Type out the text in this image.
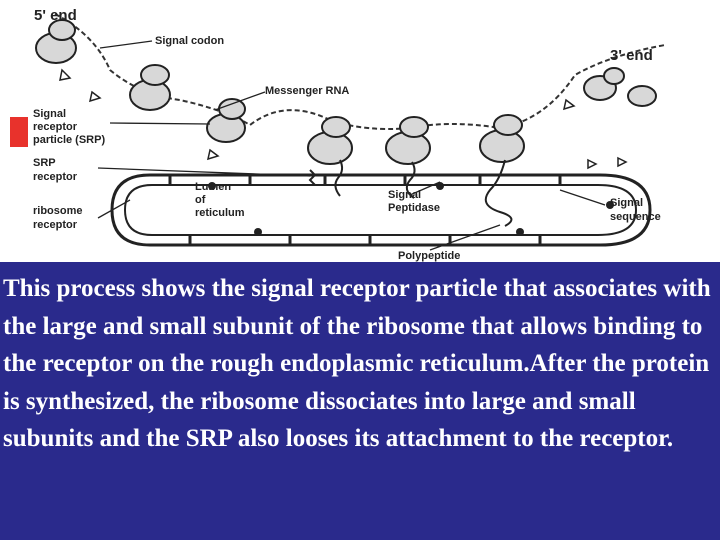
5' end
3' end
Signal codon
Messenger RNA
Signal
receptor
particle (SRP)
SRP
receptor
ribosome
receptor
Lumen
of
reticulum
Signal
Peptidase	Signal
sequence
Polypeptide

This process shows the signal receptor particle that associates with the large and small subunit of the ribosome that allows binding to the receptor on the rough endoplasmic reticulum.After the protein is synthesized, the ribosome dissociates into large and small subunits and the SRP also looses its attachment to the receptor.
